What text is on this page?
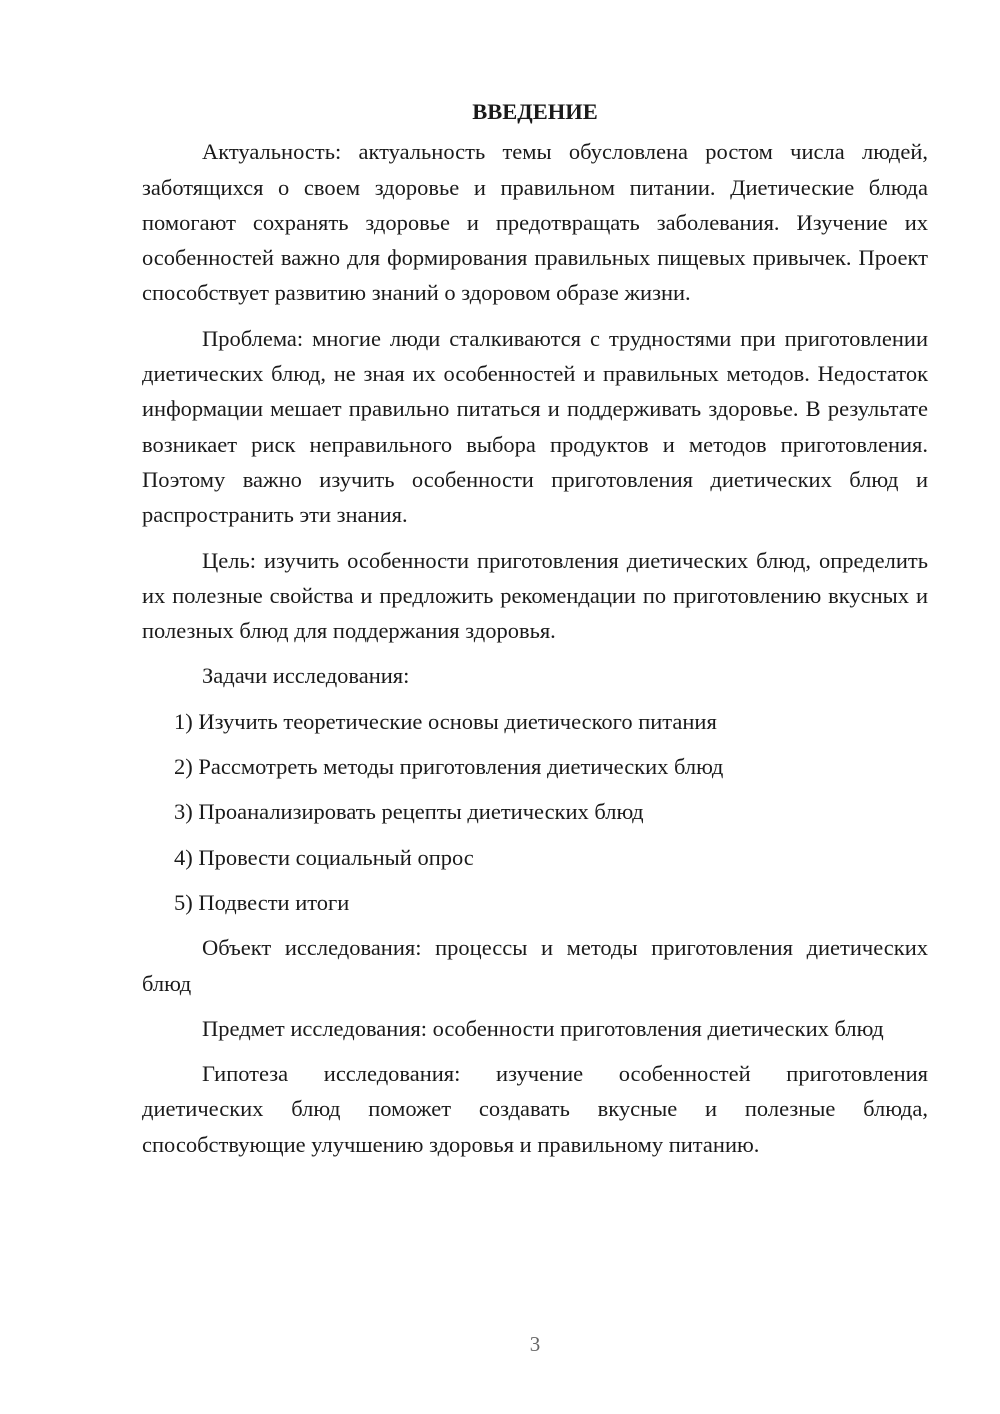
ВВЕДЕНИЕ

Актуальность: актуальность темы обусловлена ростом числа людей, заботящихся о своем здоровье и правильном питании. Диетические блюда помогают сохранять здоровье и предотвращать заболевания. Изучение их особенностей важно для формирования правильных пищевых привычек. Проект способствует развитию знаний о здоровом образе жизни.

Проблема: многие люди сталкиваются с трудностями при приготовлении диетических блюд, не зная их особенностей и правильных методов. Недостаток информации мешает правильно питаться и поддерживать здоровье. В результате возникает риск неправильного выбора продуктов и методов приготовления. Поэтому важно изучить особенности приготовления диетических блюд и распространить эти знания.

Цель: изучить особенности приготовления диетических блюд, определить их полезные свойства и предложить рекомендации по приготовлению вкусных и полезных блюд для поддержания здоровья.

Задачи исследования:

1) Изучить теоретические основы диетического питания
2) Рассмотреть методы приготовления диетических блюд
3) Проанализировать рецепты диетических блюд
4) Провести социальный опрос
5) Подвести итоги

Объект исследования: процессы и методы приготовления диетических блюд

Предмет исследования: особенности приготовления диетических блюд

Гипотеза исследования: изучение особенностей приготовления диетических блюд поможет создавать вкусные и полезные блюда, способствующие улучшению здоровья и правильному питанию.

3
